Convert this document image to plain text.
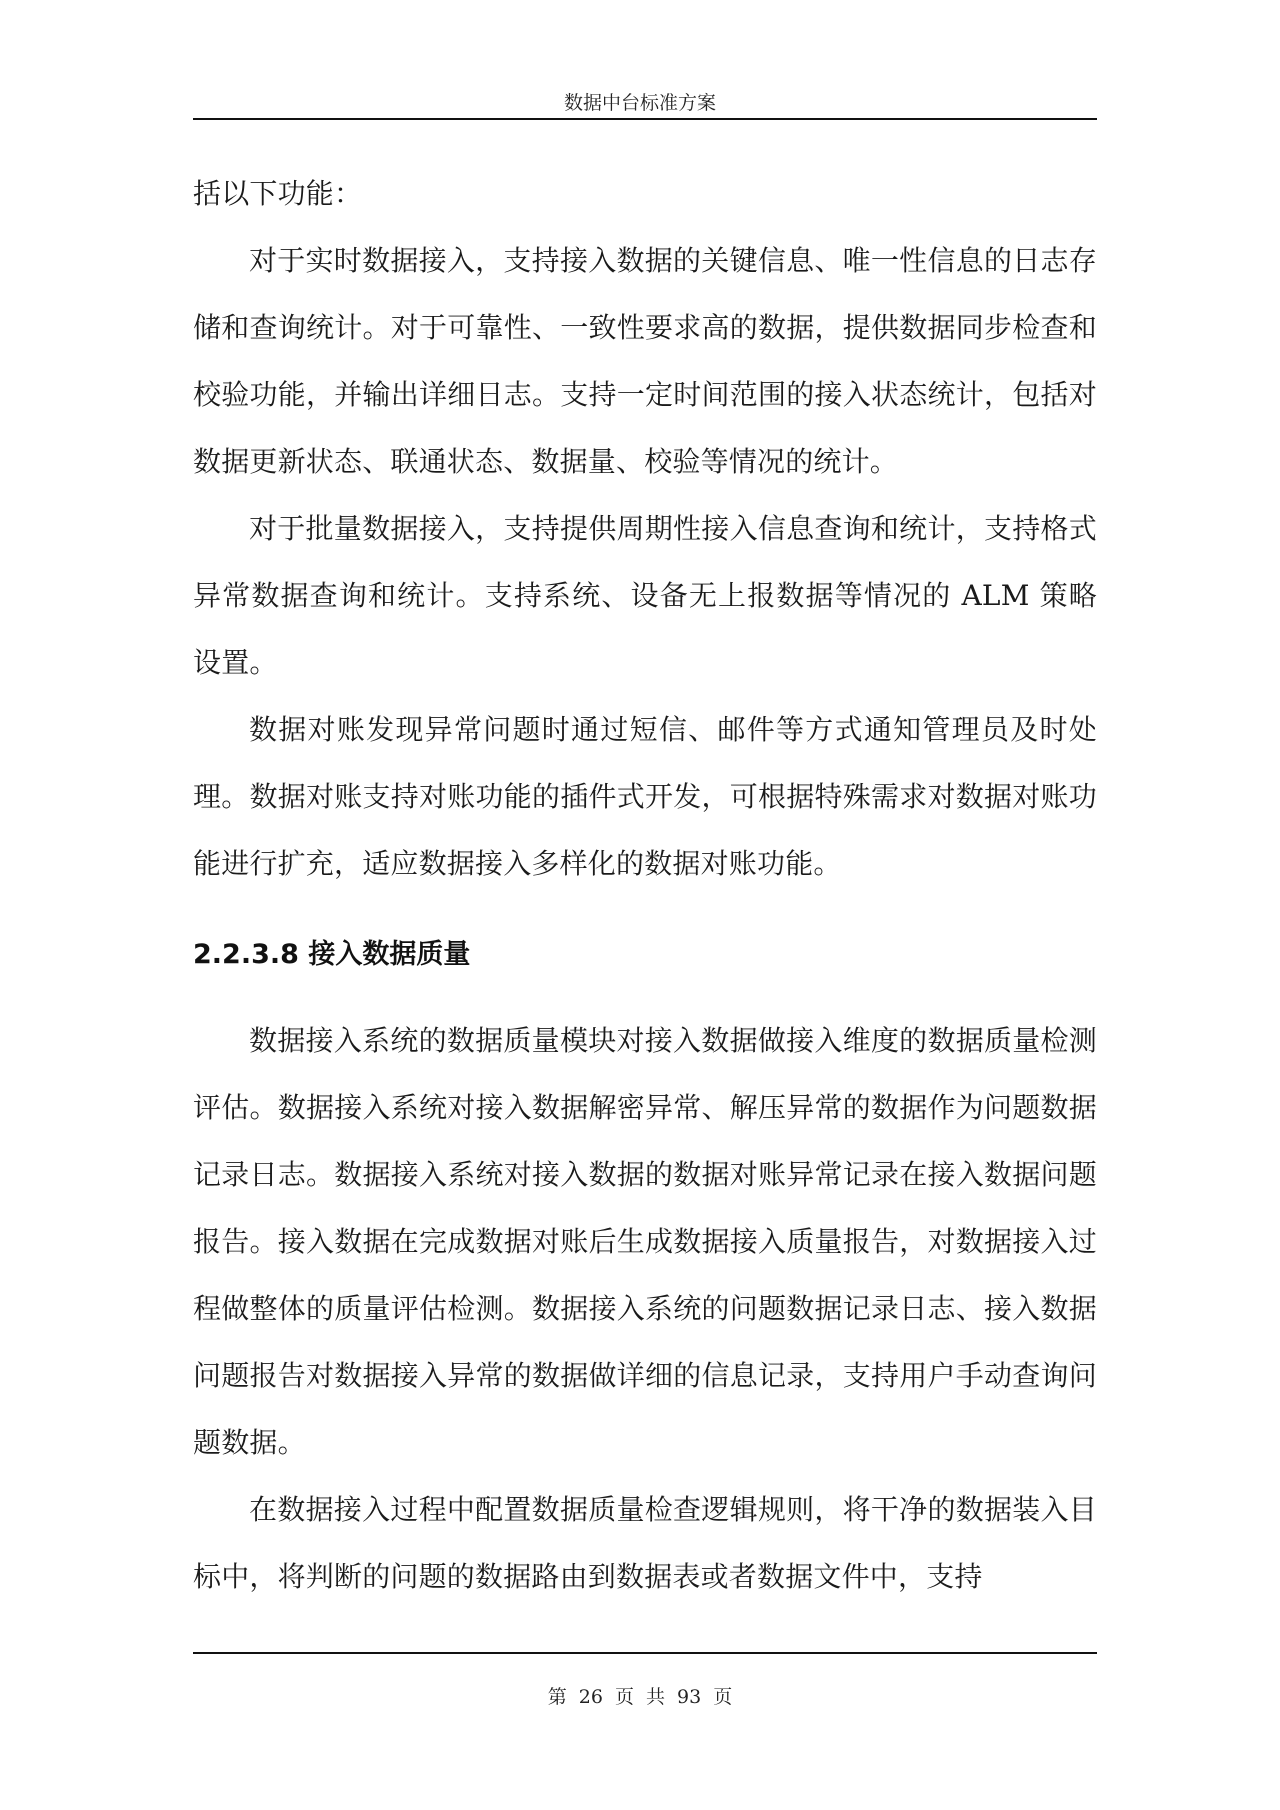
数据中台标准方案

括以下功能：

对于实时数据接入，支持接入数据的关键信息、唯一性信息的日志存储和查询统计。对于可靠性、一致性要求高的数据，提供数据同步检查和校验功能，并输出详细日志。支持一定时间范围的接入状态统计，包括对数据更新状态、联通状态、数据量、校验等情况的统计。

对于批量数据接入，支持提供周期性接入信息查询和统计，支持格式异常数据查询和统计。支持系统、设备无上报数据等情况的 ALM 策略设置。

数据对账发现异常问题时通过短信、邮件等方式通知管理员及时处理。数据对账支持对账功能的插件式开发，可根据特殊需求对数据对账功能进行扩充，适应数据接入多样化的数据对账功能。

2.2.3.8 接入数据质量

数据接入系统的数据质量模块对接入数据做接入维度的数据质量检测评估。数据接入系统对接入数据解密异常、解压异常的数据作为问题数据记录日志。数据接入系统对接入数据的数据对账异常记录在接入数据问题报告。接入数据在完成数据对账后生成数据接入质量报告，对数据接入过程做整体的质量评估检测。数据接入系统的问题数据记录日志、接入数据问题报告对数据接入异常的数据做详细的信息记录，支持用户手动查询问题数据。

在数据接入过程中配置数据质量检查逻辑规则，将干净的数据装入目标中，将判断的问题的数据路由到数据表或者数据文件中，支持

第 26 页 共 93 页
